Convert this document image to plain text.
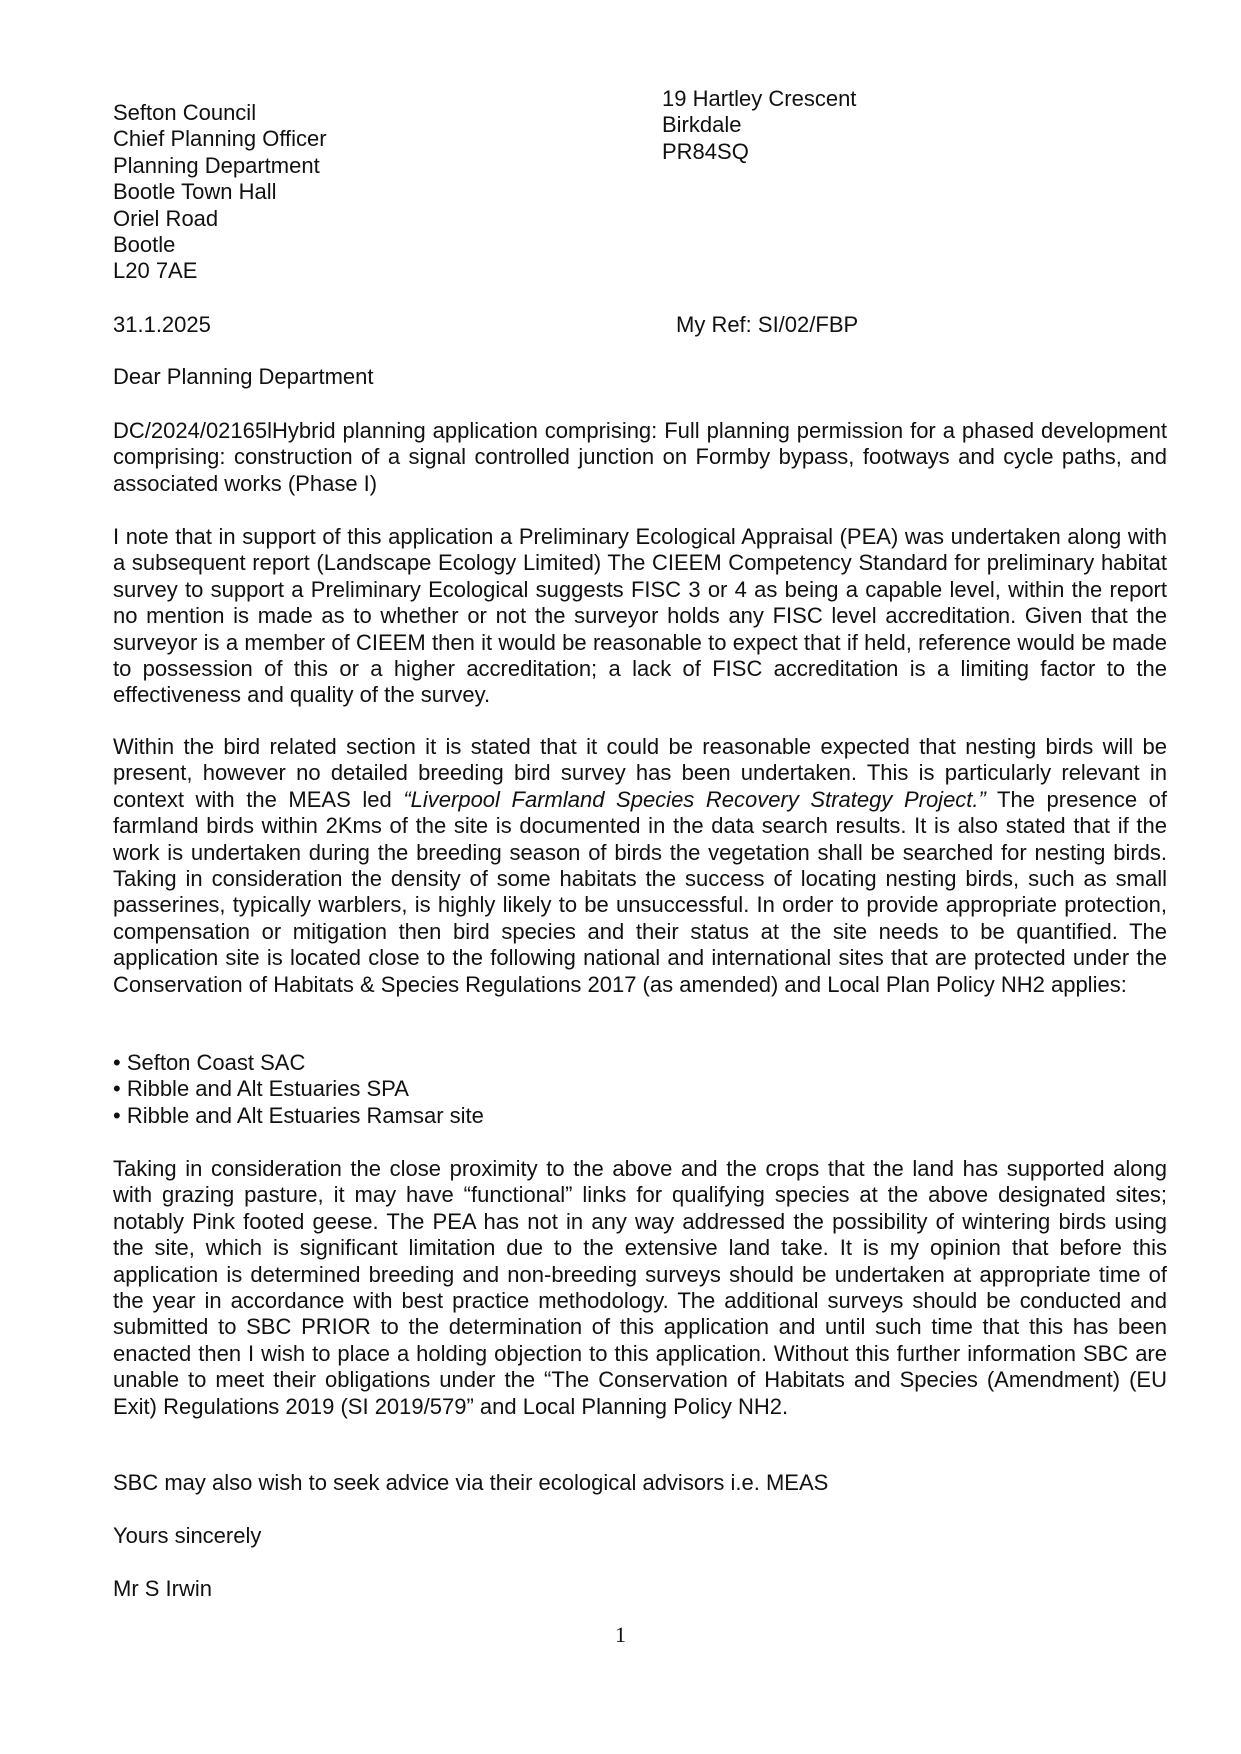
Sefton Council
Chief Planning Officer
Planning Department
Bootle Town Hall
Oriel Road
Bootle
L20 7AE
19 Hartley Crescent
Birkdale
PR84SQ
31.1.2025	My Ref: SI/02/FBP
Dear Planning Department

DC/2024/02165lHybrid planning application comprising: Full planning permission for a phased development comprising: construction of a signal controlled junction on Formby bypass, footways and cycle paths, and associated works (Phase I)

I note that in support of this application a Preliminary Ecological Appraisal (PEA) was undertaken along with a subsequent report (Landscape Ecology Limited) The CIEEM Competency Standard for preliminary habitat survey to support a Preliminary Ecological suggests FISC 3 or 4 as being a capable level, within the report no mention is made as to whether or not the surveyor holds any FISC level accreditation. Given that the surveyor is a member of CIEEM then it would be reasonable to expect that if held, reference would be made to possession of this or a higher accreditation; a lack of FISC accreditation is a limiting factor to the effectiveness and quality of the survey.

Within the bird related section it is stated that it could be reasonable expected that nesting birds will be present, however no detailed breeding bird survey has been undertaken. This is particularly relevant in context with the MEAS led “Liverpool Farmland Species Recovery Strategy Project.” The presence of farmland birds within 2Kms of the site is documented in the data search results. It is also stated that if the work is undertaken during the breeding season of birds the vegetation shall be searched for nesting birds. Taking in consideration the density of some habitats the success of locating nesting birds, such as small passerines, typically warblers, is highly likely to be unsuccessful. In order to provide appropriate protection, compensation or mitigation then bird species and their status at the site needs to be quantified. The application site is located close to the following national and international sites that are protected under the Conservation of Habitats & Species Regulations 2017 (as amended) and Local Plan Policy NH2 applies:

• Sefton Coast SAC
• Ribble and Alt Estuaries SPA
• Ribble and Alt Estuaries Ramsar site

Taking in consideration the close proximity to the above and the crops that the land has supported along with grazing pasture, it may have “functional” links for qualifying species at the above designated sites; notably Pink footed geese. The PEA has not in any way addressed the possibility of wintering birds using the site, which is significant limitation due to the extensive land take. It is my opinion that before this application is determined breeding and non-breeding surveys should be undertaken at appropriate time of the year in accordance with best practice methodology. The additional surveys should be conducted and submitted to SBC PRIOR to the determination of this application and until such time that this has been enacted then I wish to place a holding objection to this application. Without this further information SBC are unable to meet their obligations under the “The Conservation of Habitats and Species (Amendment) (EU Exit) Regulations 2019 (SI 2019/579” and Local Planning Policy NH2.

SBC may also wish to seek advice via their ecological advisors i.e. MEAS

Yours sincerely
Mr S Irwin
1
